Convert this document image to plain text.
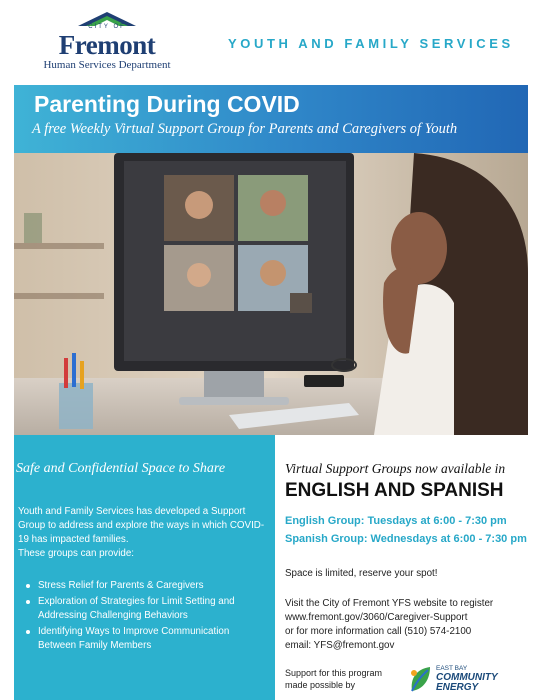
CITY OF
Fremont
Human Services Department
YOUTH AND FAMILY SERVICES
Parenting During COVID
A free Weekly Virtual Support Group for Parents and Caregivers of Youth
Safe and Confidential Space to Share
Youth and Family Services has developed a Support Group to address and explore the ways in which COVID-19 has impacted families.
These groups can provide:
Stress Relief for Parents & Caregivers
Exploration of Strategies for Limit Setting and Addressing Challenging Behaviors
Identifying Ways to Improve Communication Between Family Members
Virtual Support Groups now available in
ENGLISH AND SPANISH
English Group: Tuesdays at 6:00 - 7:30 pm
Spanish Group: Wednesdays at 6:00 - 7:30 pm
Space is limited, reserve your spot!
Visit the City of Fremont YFS website to register
www.fremont.gov/3060/Caregiver-Support
or for more information call (510) 574-2100
email: YFS@fremont.gov
Support for this program
made possible by
EAST BAY
COMMUNITY
ENERGY
